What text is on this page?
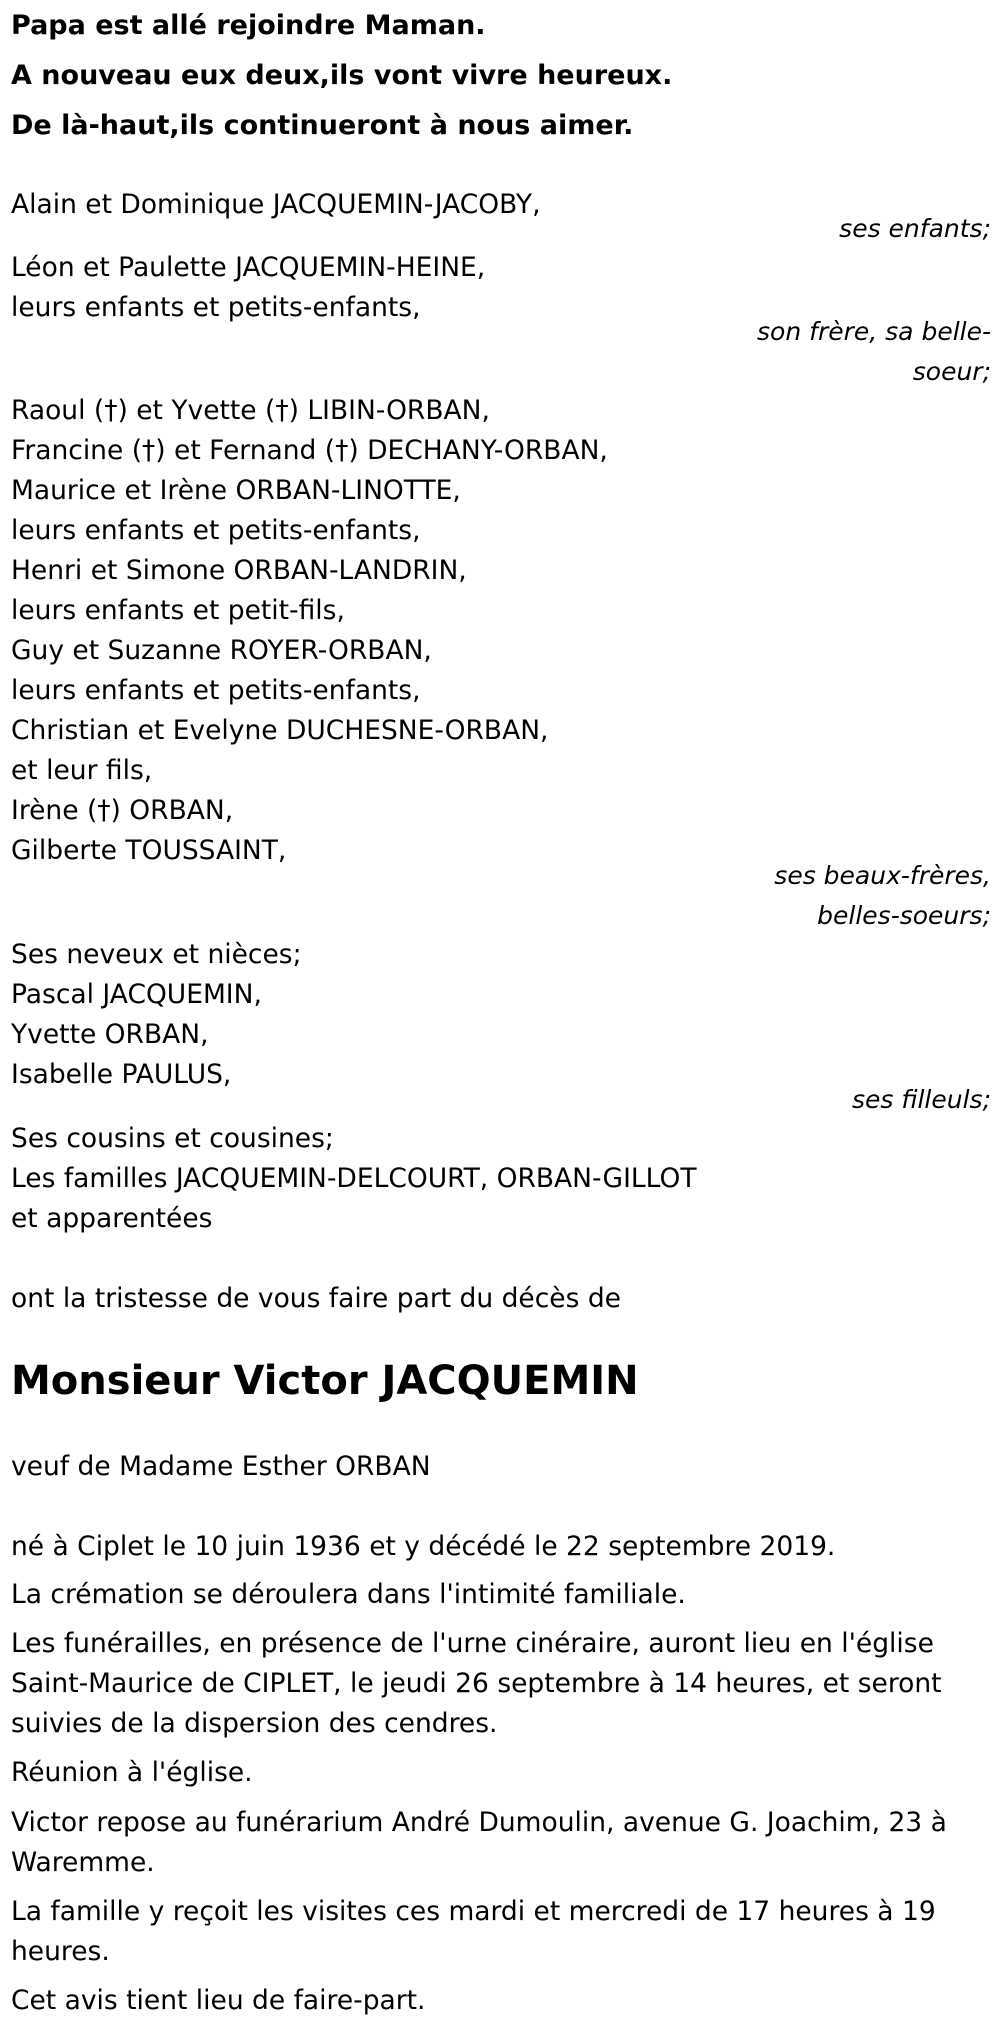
Papa est allé rejoindre Maman.
A nouveau eux deux,ils vont vivre heureux.
De là-haut,ils continueront à nous aimer.
Alain et Dominique JACQUEMIN-JACOBY,
ses enfants;
Léon et Paulette JACQUEMIN-HEINE,
leurs enfants et petits-enfants,
son frère, sa belle-
soeur;
Raoul (†) et Yvette (†) LIBIN-ORBAN,
Francine (†) et Fernand (†) DECHANY-ORBAN,
Maurice et Irène ORBAN-LINOTTE,
leurs enfants et petits-enfants,
Henri et Simone ORBAN-LANDRIN,
leurs enfants et petit-fils,
Guy et Suzanne ROYER-ORBAN,
leurs enfants et petits-enfants,
Christian et Evelyne DUCHESNE-ORBAN,
et leur fils,
Irène (†) ORBAN,
Gilberte TOUSSAINT,
ses beaux-frères,
belles-soeurs;
Ses neveux et nièces;
Pascal JACQUEMIN,
Yvette ORBAN,
Isabelle PAULUS,
ses filleuls;
Ses cousins et cousines;
Les familles JACQUEMIN-DELCOURT, ORBAN-GILLOT
et apparentées
ont la tristesse de vous faire part du décès de
Monsieur Victor JACQUEMIN
veuf de Madame Esther ORBAN
né à Ciplet le 10 juin 1936 et y décédé le 22 septembre 2019.
La crémation se déroulera dans l'intimité familiale.
Les funérailles, en présence de l'urne cinéraire, auront lieu en l'église
Saint-Maurice de CIPLET, le jeudi 26 septembre à 14 heures, et seront
suivies de la dispersion des cendres.
Réunion à l'église.
Victor repose au funérarium André Dumoulin, avenue G. Joachim, 23 à
Waremme.
La famille y reçoit les visites ces mardi et mercredi de 17 heures à 19
heures.
Cet avis tient lieu de faire-part.
